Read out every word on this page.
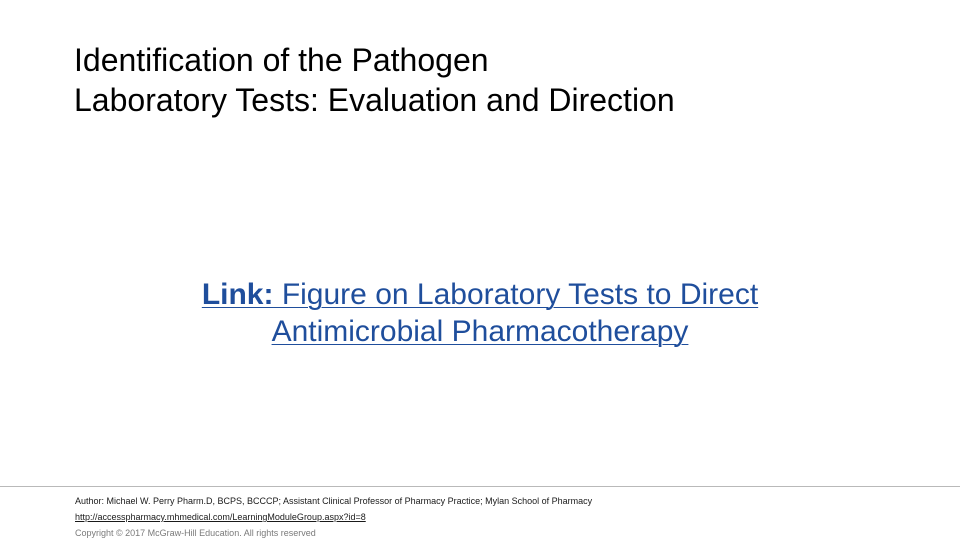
Identification of the Pathogen
Laboratory Tests: Evaluation and Direction
Link: Figure on Laboratory Tests to Direct
Antimicrobial Pharmacotherapy
Author: Michael W. Perry Pharm.D, BCPS, BCCCP; Assistant Clinical Professor of Pharmacy Practice; Mylan School of Pharmacy
http://accesspharmacy.mhmedical.com/LearningModuleGroup.aspx?id=8
Copyright © 2017 McGraw-Hill Education. All rights reserved
